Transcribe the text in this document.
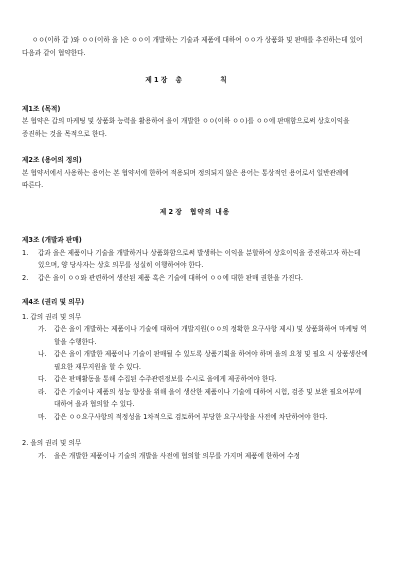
ㅇㅇ(이하 갑 )와 ㅇㅇ(이하 을 )은 ㅇㅇ이 개발하는 기술과 제품에 대하여 ㅇㅇ가 상품화 및 판매를 추진하는데 있어 다음과 같이 협약한다.

제 1 장 총 칙

제1조 (목적)

본 협약은 갑의 마케팅 및 상품화 능력을 활용하여 을이 개발한 ㅇㅇ(이하 ㅇㅇ)를 ㅇㅇ에 판매함으로써 상호이익을 증진하는 것을 목적으로 한다.

제2조 (용어의 정의)

본 협약서에서 사용하는 용어는 본 협약서에 한하여 적용되며 정의되지 않은 용어는 통상적인 용어로서 일반관례에 따른다.

제 2 장 협약의 내용

제3조 (개발과 판매)

1.	갑과 을은 제품이나 기술을 개발하거나 상품화함으로써 발생하는 이익을 분할하여 상호이익을 증진하고자 하는데 있으며, 양 당사자는 상호 의무를 성실히 이행하여야 한다.
2.	갑은 을이 ㅇㅇ와 관련하여 생산된 제품 혹은 기술에 대하여 ㅇㅇ에 대한 판매 권한을 가진다.

제4조 (권리 및 의무)

1. 갑의 권리 및 의무

가.	갑은 을이 개발하는 제품이나 기술에 대하여 개발지원(ㅇㅇ의 정확한 요구사항 제시) 및 상품화하여 마케팅 역할을 수행한다.
나.	갑은 을이 개발한 제품이나 기술이 판매될 수 있도록 상품기획을 하여야 하며 을의 요청 및 필요 시 상품생산에 필요한 재무지원을 할 수 있다.
다.	갑은 판매활동을 통해 수집된 수주관련정보를 수시로 을에게 제공하여야 한다.
라.	갑은 기술이나 제품의 성능 향상을 위해 을이 생산한 제품이나 기술에 대하여 시험, 검증 및 보완 필요여부에 대하여 을과 협의할 수 있다.
마.	갑은 ㅇㅇ요구사항의 적정성을 1차적으로 검토하여 부당한 요구사항을 사전에 차단하여야 한다.

2. 을의 권리 및 의무

가.	을은 개발한 제품이나 기술의 개발을 사전에 협의할 의무를 가지며 제품에 한하여 수정
